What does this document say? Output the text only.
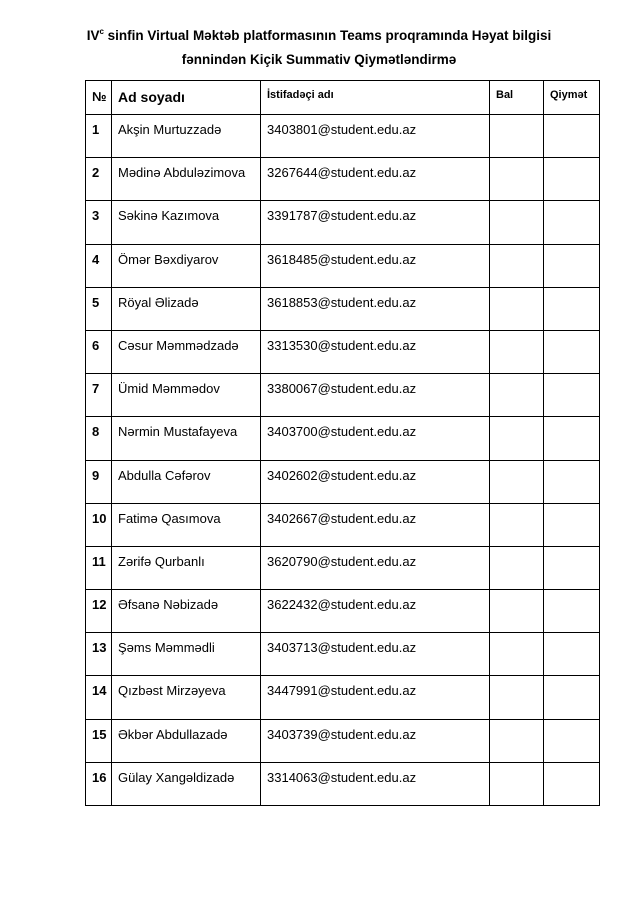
$IV^c$ sinfin Virtual Məktəb platformasının Teams proqramında Həyat bilgisi
fənnindən Kiçik Summativ Qiymətləndirmə
№	Ad soyadı	İstifadəçi adı	Bal	Qiymət
1	Akşin Murtuzzadə	3403801@student.edu.az		
2	Mədinə Abduləzimova	3267644@student.edu.az		
3	Səkinə Kazımova	3391787@student.edu.az		
4	Ömər Bəxdiyarov	3618485@student.edu.az		
5	Röyal Əlizadə	3618853@student.edu.az		
6	Cəsur Məmmədzadə	3313530@student.edu.az		
7	Ümid Məmmədov	3380067@student.edu.az		
8	Nərmin Mustafayeva	3403700@student.edu.az		
9	Abdulla Cəfərov	3402602@student.edu.az		
10	Fatimə Qasımova	3402667@student.edu.az		
11	Zərifə Qurbanlı	3620790@student.edu.az		
12	Əfsanə Nəbizadə	3622432@student.edu.az		
13	Şəms Məmmədli	3403713@student.edu.az		
14	Qızbəst Mirzəyeva	3447991@student.edu.az		
15	Əkbər Abdullazadə	3403739@student.edu.az		
16	Gülay Xangəldizadə	3314063@student.edu.az		
